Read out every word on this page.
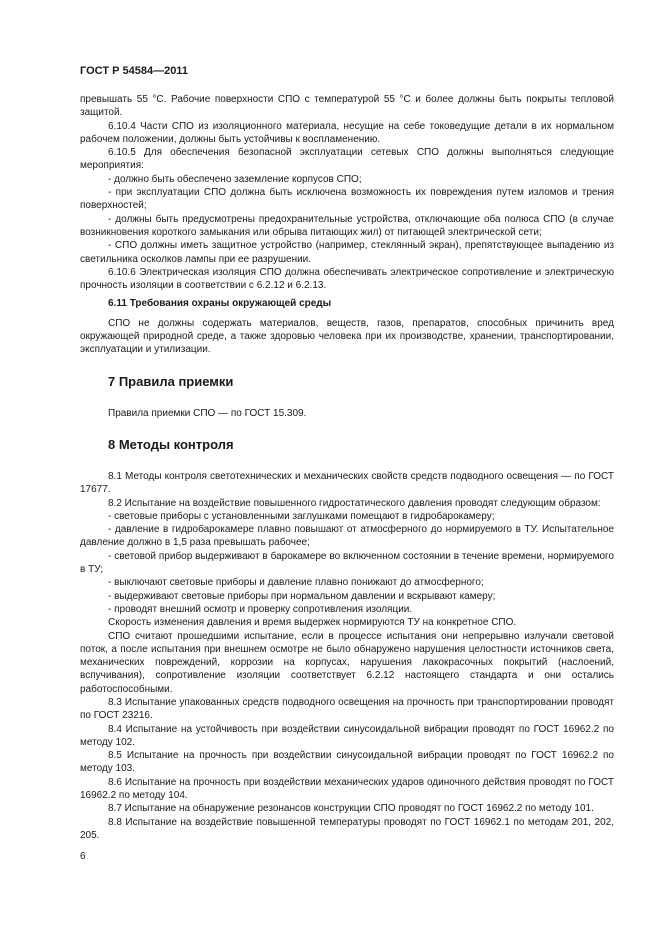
ГОСТ Р 54584—2011

превышать 55 °С. Рабочие поверхности СПО с температурой 55 °С и более должны быть покрыты тепловой защитой.

6.10.4 Части СПО из изоляционного материала, несущие на себе токоведущие детали в их нормальном рабочем положении, должны быть устойчивы к воспламенению.

6.10.5 Для обеспечения безопасной эксплуатации сетевых СПО должны выполняться следующие мероприятия:

- должно быть обеспечено заземление корпусов СПО;

- при эксплуатации СПО должна быть исключена возможность их повреждения путем изломов и трения поверхностей;

- должны быть предусмотрены предохранительные устройства, отключающие оба полюса СПО (в случае возникновения короткого замыкания или обрыва питающих жил) от питающей электрической сети;

- СПО должны иметь защитное устройство (например, стеклянный экран), препятствующее выпадению из светильника осколков лампы при ее разрушении.

6.10.6 Электрическая изоляция СПО должна обеспечивать электрическое сопротивление и электрическую прочность изоляции в соответствии с 6.2.12 и 6.2.13.

6.11 Требования охраны окружающей среды

СПО не должны содержать материалов, веществ, газов, препаратов, способных причинить вред окружающей природной среде, а также здоровью человека при их производстве, хранении, транспортировании, эксплуатации и утилизации.

7 Правила приемки

Правила приемки СПО — по ГОСТ 15.309.

8 Методы контроля

8.1 Методы контроля светотехнических и механических свойств средств подводного освещения — по ГОСТ 17677.

8.2 Испытание на воздействие повышенного гидростатического давления проводят следующим образом:

- световые приборы с установленными заглушками помещают в гидробарокамеру;

- давление в гидробарокамере плавно повышают от атмосферного до нормируемого в ТУ. Испытательное давление должно в 1,5 раза превышать рабочее;

- световой прибор выдерживают в барокамере во включенном состоянии в течение времени, нормируемого в ТУ;

- выключают световые приборы и давление плавно понижают до атмосферного;

- выдерживают световые приборы при нормальном давлении и вскрывают камеру;

- проводят внешний осмотр и проверку сопротивления изоляции.

Скорость изменения давления и время выдержек нормируются ТУ на конкретное СПО.

СПО считают прошедшими испытание, если в процессе испытания они непрерывно излучали световой поток, а после испытания при внешнем осмотре не было обнаружено нарушения целостности источников света, механических повреждений, коррозии на корпусах, нарушения лакокрасочных покрытий (наслоений, вспучивания), сопротивление изоляции соответствует 6.2.12 настоящего стандарта и они остались работоспособными.

8.3 Испытание упакованных средств подводного освещения на прочность при транспортировании проводят по ГОСТ 23216.

8.4 Испытание на устойчивость при воздействии синусоидальной вибрации проводят по ГОСТ 16962.2 по методу 102.

8.5 Испытание на прочность при воздействии синусоидальной вибрации проводят по ГОСТ 16962.2 по методу 103.

8.6 Испытание на прочность при воздействии механических ударов одиночного действия проводят по ГОСТ 16962.2 по методу 104.

8.7 Испытание на обнаружение резонансов конструкции СПО проводят по ГОСТ 16962.2 по методу 101.

8.8 Испытание на воздействие повышенной температуры проводят по ГОСТ 16962.1 по методам 201, 202, 205.

6
